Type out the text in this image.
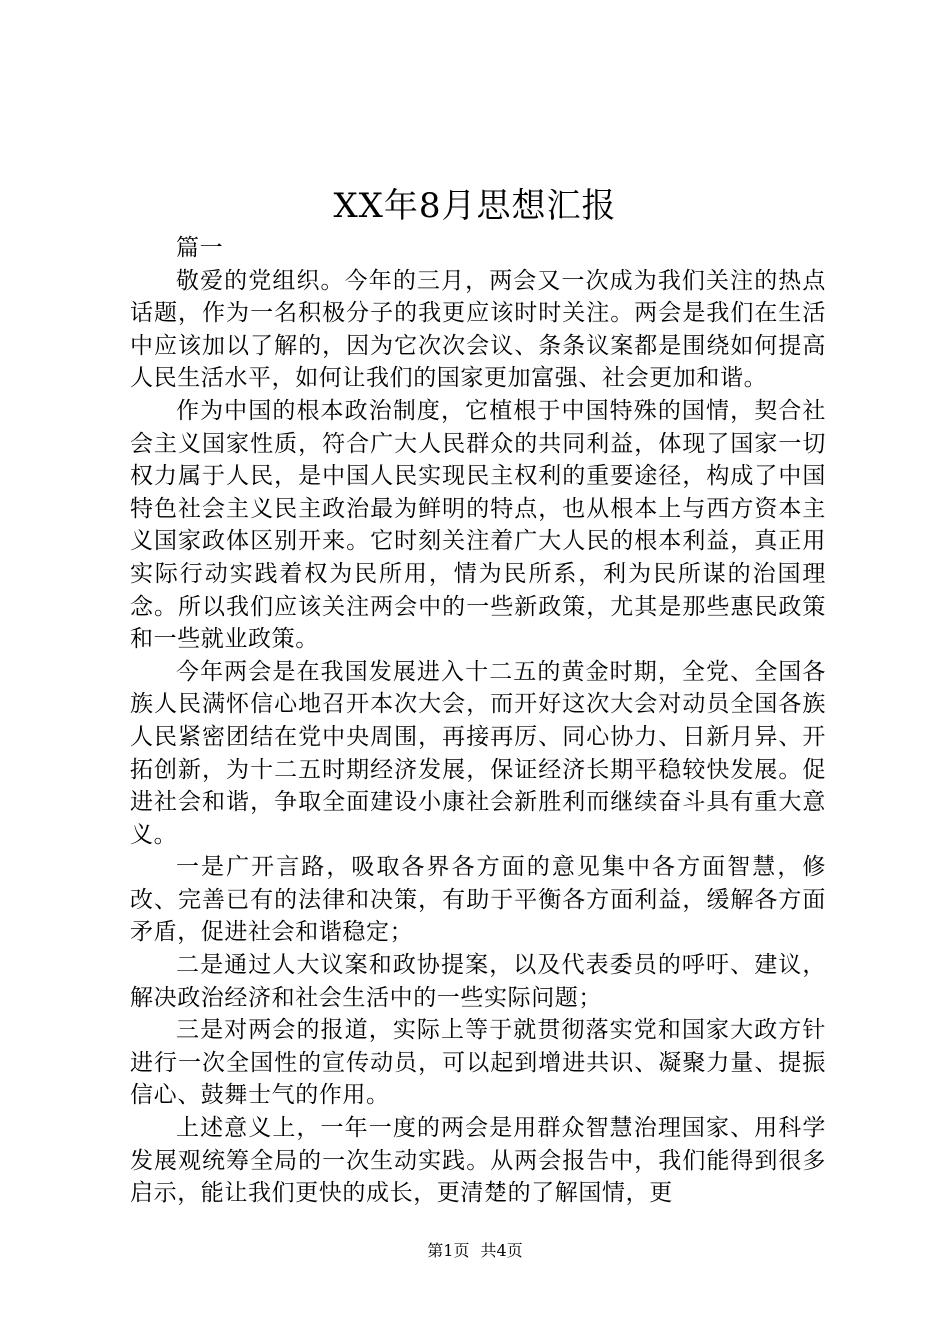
XX年8月思想汇报

篇一

敬爱的党组织。今年的三月，两会又一次成为我们关注的热点话题，作为一名积极分子的我更应该时时关注。两会是我们在生活中应该加以了解的，因为它次次会议、条条议案都是围绕如何提高人民生活水平，如何让我们的国家更加富强、社会更加和谐。

作为中国的根本政治制度，它植根于中国特殊的国情，契合社会主义国家性质，符合广大人民群众的共同利益，体现了国家一切权力属于人民，是中国人民实现民主权利的重要途径，构成了中国特色社会主义民主政治最为鲜明的特点，也从根本上与西方资本主义国家政体区别开来。它时刻关注着广大人民的根本利益，真正用实际行动实践着权为民所用，情为民所系，利为民所谋的治国理念。所以我们应该关注两会中的一些新政策，尤其是那些惠民政策和一些就业政策。

今年两会是在我国发展进入十二五的黄金时期，全党、全国各族人民满怀信心地召开本次大会，而开好这次大会对动员全国各族人民紧密团结在党中央周围，再接再厉、同心协力、日新月异、开拓创新，为十二五时期经济发展，保证经济长期平稳较快发展。促进社会和谐，争取全面建设小康社会新胜利而继续奋斗具有重大意义。

一是广开言路，吸取各界各方面的意见集中各方面智慧，修改、完善已有的法律和决策，有助于平衡各方面利益，缓解各方面矛盾，促进社会和谐稳定；

二是通过人大议案和政协提案，以及代表委员的呼吁、建议，解决政治经济和社会生活中的一些实际问题；

三是对两会的报道，实际上等于就贯彻落实党和国家大政方针进行一次全国性的宣传动员，可以起到增进共识、凝聚力量、提振信心、鼓舞士气的作用。

上述意义上，一年一度的两会是用群众智慧治理国家、用科学发展观统筹全局的一次生动实践。从两会报告中，我们能得到很多启示，能让我们更快的成长，更清楚的了解国情，更

第1页 共4页
